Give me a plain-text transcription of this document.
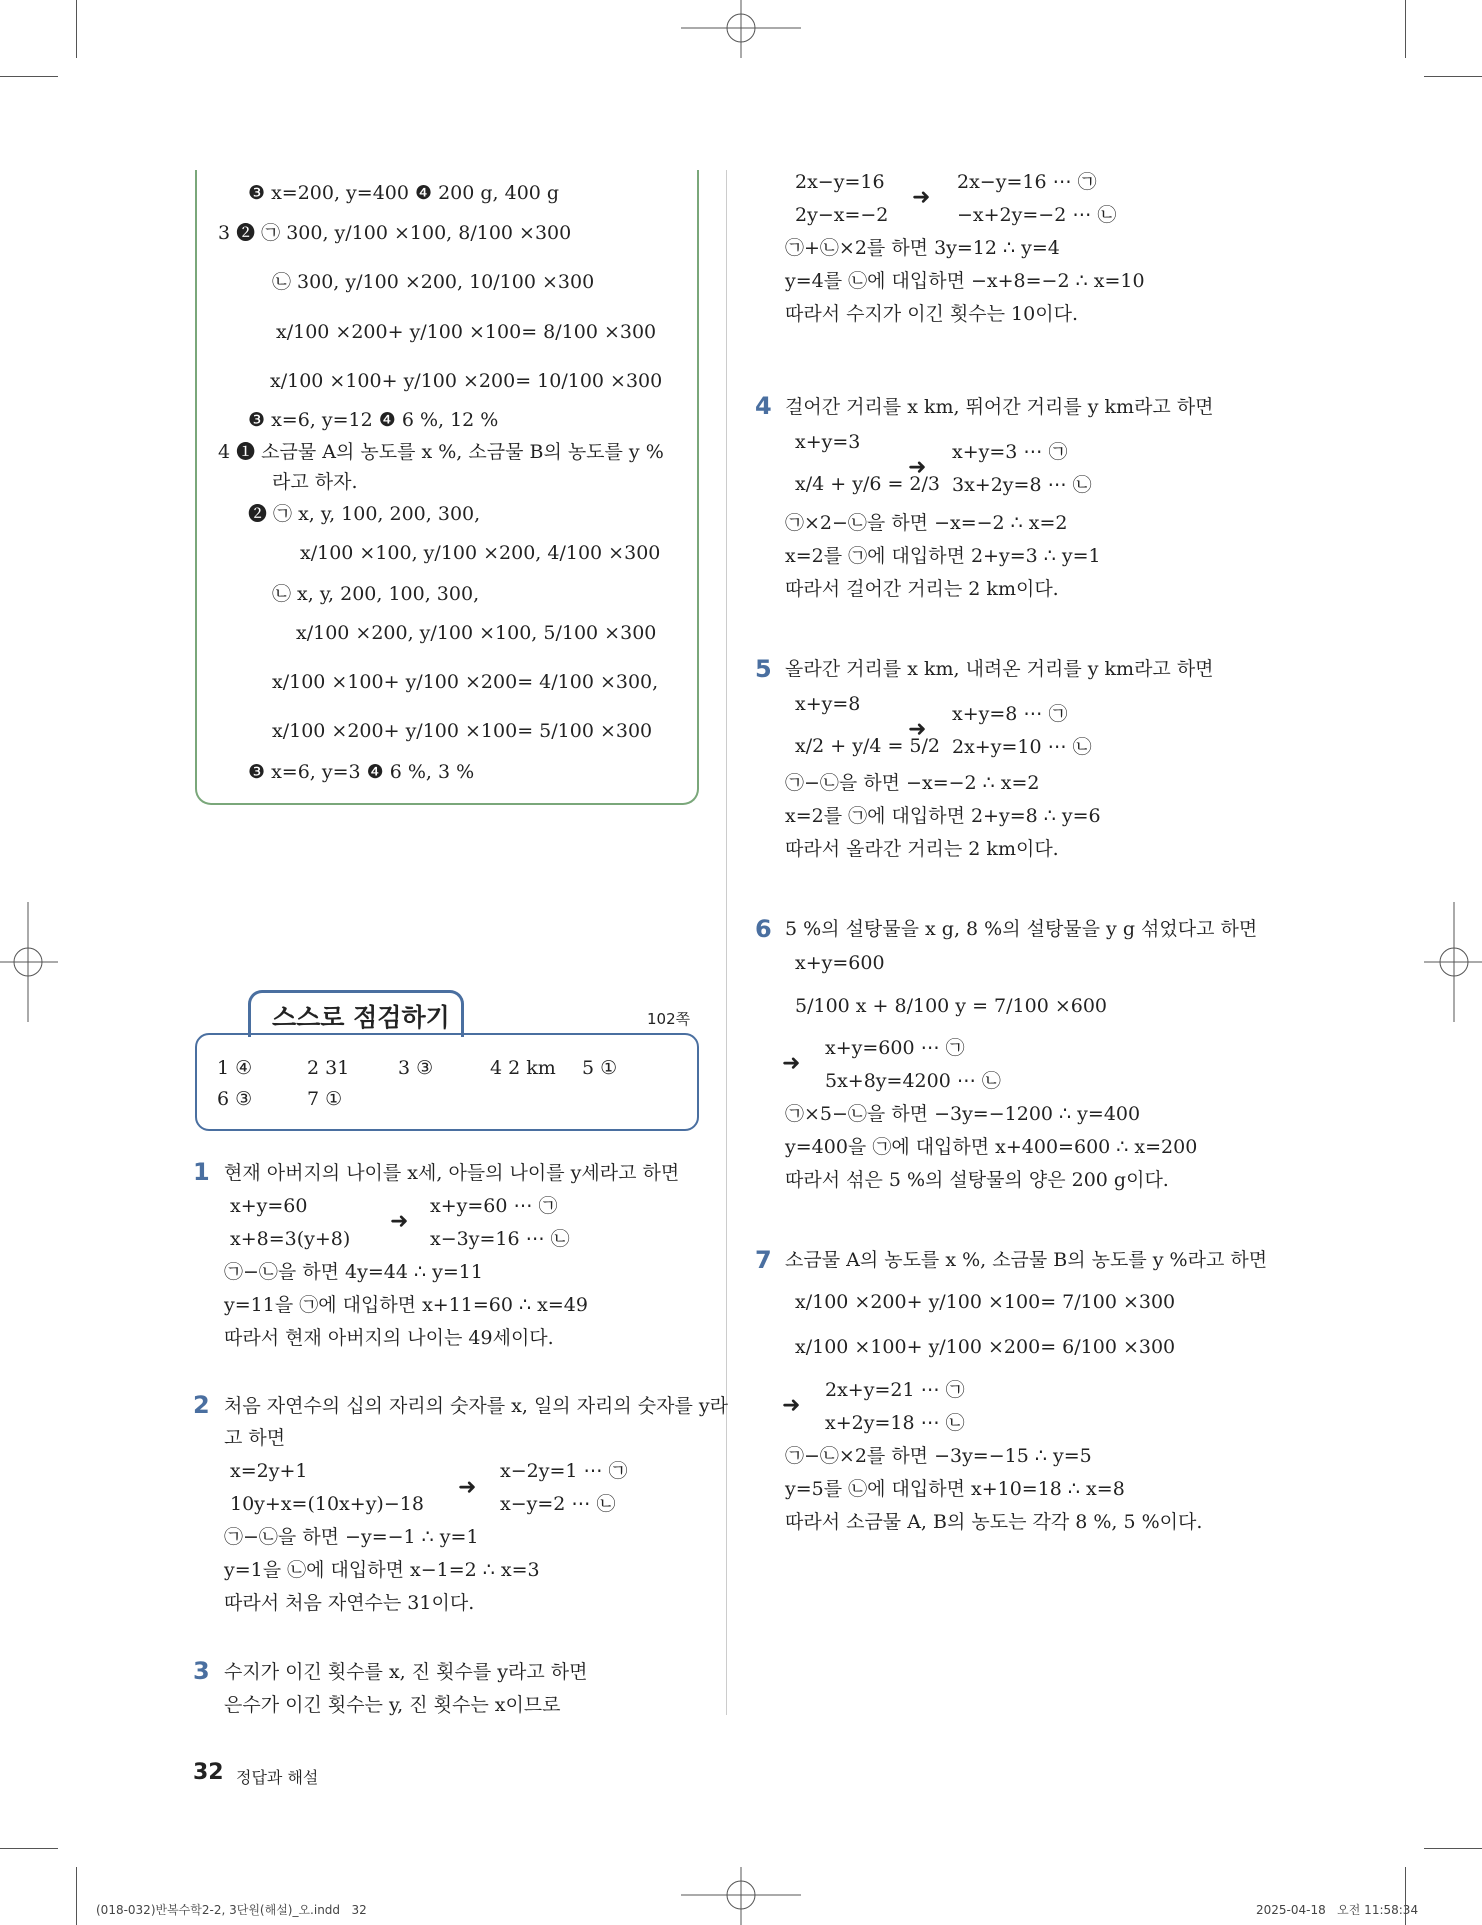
❸ x=200, y=400 ❹ 200 g, 400 g
3 ❷ ㉠ 300, y/100 ×100, 8/100 ×300
㉡ 300, y/100 ×200, 10/100 ×300
x/100 ×200+ y/100 ×100= 8/100 ×300
x/100 ×100+ y/100 ×200= 10/100 ×300
❸ x=6, y=12 ❹ 6 %, 12 %
4 ❶ 소금물 A의 농도를 x %, 소금물 B의 농도를 y %
라고 하자.
❷ ㉠ x, y, 100, 200, 300,
x/100 ×100, y/100 ×200, 4/100 ×300
㉡ x, y, 200, 100, 300,
x/100 ×200, y/100 ×100, 5/100 ×300
x/100 ×100+ y/100 ×200= 4/100 ×300,
x/100 ×200+ y/100 ×100= 5/100 ×300
❸ x=6, y=3 ❹ 6 %, 3 %
스스로 점검하기	102쪽
1 ④	2 31	3 ③	4 2 km 5 ①
6 ③	7 ①
1 현재 아버지의 나이를 x세, 아들의 나이를 y세라고 하면
x+y=60
x+8=3(y+8)
➜
x+y=60 ⋯ ㉠
x−3y=16 ⋯ ㉡
㉠−㉡을 하면 4y=44 ∴ y=11
y=11을 ㉠에 대입하면 x+11=60 ∴ x=49
따라서 현재 아버지의 나이는 49세이다.
2 처음 자연수의 십의 자리의 숫자를 x, 일의 자리의 숫자를 y라
고 하면
x=2y+1
10y+x=(10x+y)−18
➜
x−2y=1 ⋯ ㉠
x−y=2 ⋯ ㉡
㉠−㉡을 하면 −y=−1 ∴ y=1
y=1을 ㉡에 대입하면 x−1=2 ∴ x=3
따라서 처음 자연수는 31이다.
3 수지가 이긴 횟수를 x, 진 횟수를 y라고 하면
은수가 이긴 횟수는 y, 진 횟수는 x이므로
2x−y=16
2y−x=−2
➜
2x−y=16 ⋯ ㉠
−x+2y=−2 ⋯ ㉡
㉠+㉡×2를 하면 3y=12 ∴ y=4
y=4를 ㉡에 대입하면 −x+8=−2 ∴ x=10
따라서 수지가 이긴 횟수는 10이다.
4 걸어간 거리를 x km, 뛰어간 거리를 y km라고 하면
x+y=3
x/4 + y/6 = 2/3
➜
x+y=3 ⋯ ㉠
3x+2y=8 ⋯ ㉡
㉠×2−㉡을 하면 −x=−2 ∴ x=2
x=2를 ㉠에 대입하면 2+y=3 ∴ y=1
따라서 걸어간 거리는 2 km이다.
5 올라간 거리를 x km, 내려온 거리를 y km라고 하면
x+y=8
x/2 + y/4 = 5/2
➜
x+y=8 ⋯ ㉠
2x+y=10 ⋯ ㉡
㉠−㉡을 하면 −x=−2 ∴ x=2
x=2를 ㉠에 대입하면 2+y=8 ∴ y=6
따라서 올라간 거리는 2 km이다.
6 5 %의 설탕물을 x g, 8 %의 설탕물을 y g 섞었다고 하면
x+y=600
5/100 x + 8/100 y = 7/100 ×600
➜
x+y=600 ⋯ ㉠
5x+8y=4200 ⋯ ㉡
㉠×5−㉡을 하면 −3y=−1200 ∴ y=400
y=400을 ㉠에 대입하면 x+400=600 ∴ x=200
따라서 섞은 5 %의 설탕물의 양은 200 g이다.
7 소금물 A의 농도를 x %, 소금물 B의 농도를 y %라고 하면
x/100 ×200+ y/100 ×100= 7/100 ×300
x/100 ×100+ y/100 ×200= 6/100 ×300
➜
2x+y=21 ⋯ ㉠
x+2y=18 ⋯ ㉡
㉠−㉡×2를 하면 −3y=−15 ∴ y=5
y=5를 ㉡에 대입하면 x+10=18 ∴ x=8
따라서 소금물 A, B의 농도는 각각 8 %, 5 %이다.
32 정답과 해설
(018-032)반복수학2-2, 3단원(해설)_오.indd   32	2025-04-18   오전 11:58:34
